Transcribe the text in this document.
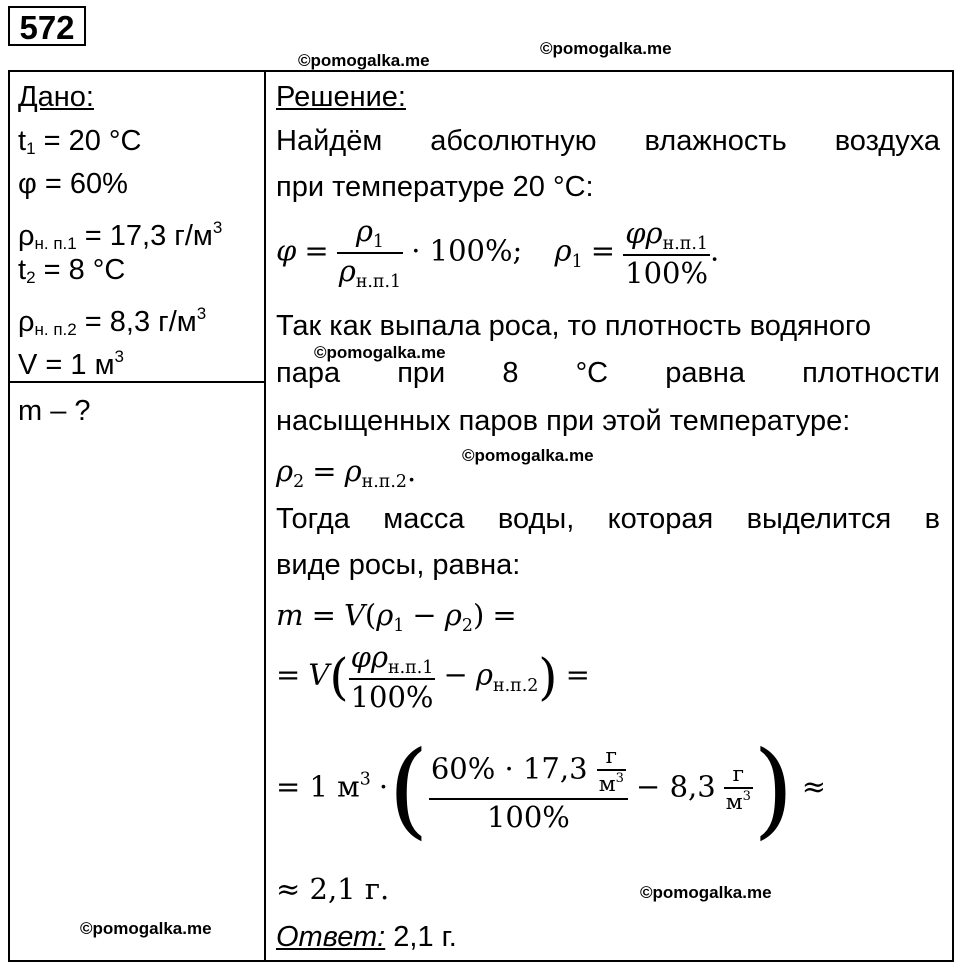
572
©pomogalka.me
©pomogalka.me
©pomogalka.me
©pomogalka.me
©pomogalka.me
©pomogalka.me
Дано:
$t_1 = 20$ °C
φ = 60%
$\rho_{н. п.1} = 17,3$ $г/м^3$
$t_2 = 8$ °C
$\rho_{н. п.2} = 8,3$ $г/м^3$
V = 1 $м^3$
m – ?
Решение:
Найдём абсолютную влажность воздуха
при температуре 20 °C:
$\varphi = \frac{\rho_1}{\rho_{н.п.1}} \cdot 100\%$; $\rho_1 = \frac{\varphi\rho_{н.п.1}}{100\%}$ .
Так как выпала роса, то плотность водяного
пара при 8 °C равна плотности
насыщенных паров при этой температуре:
$\rho_2 = \rho_{н.п.2}$.
Тогда масса воды, которая выделится в
виде росы, равна:
$m = V(\rho_1 - \rho_2)$ =
= $V( \frac{\varphi\rho_{н.п.1}}{100\%} - \rho_{н.п.2})$ =
= 1 $м^3$ ·( $\frac{60\% \cdot 17,3 \frac{г}{м^3}}{100\%} - 8,3 \frac{г}{м^3}$ ) ≈
≈ 2,1 г.
Ответ: 2,1 г.
